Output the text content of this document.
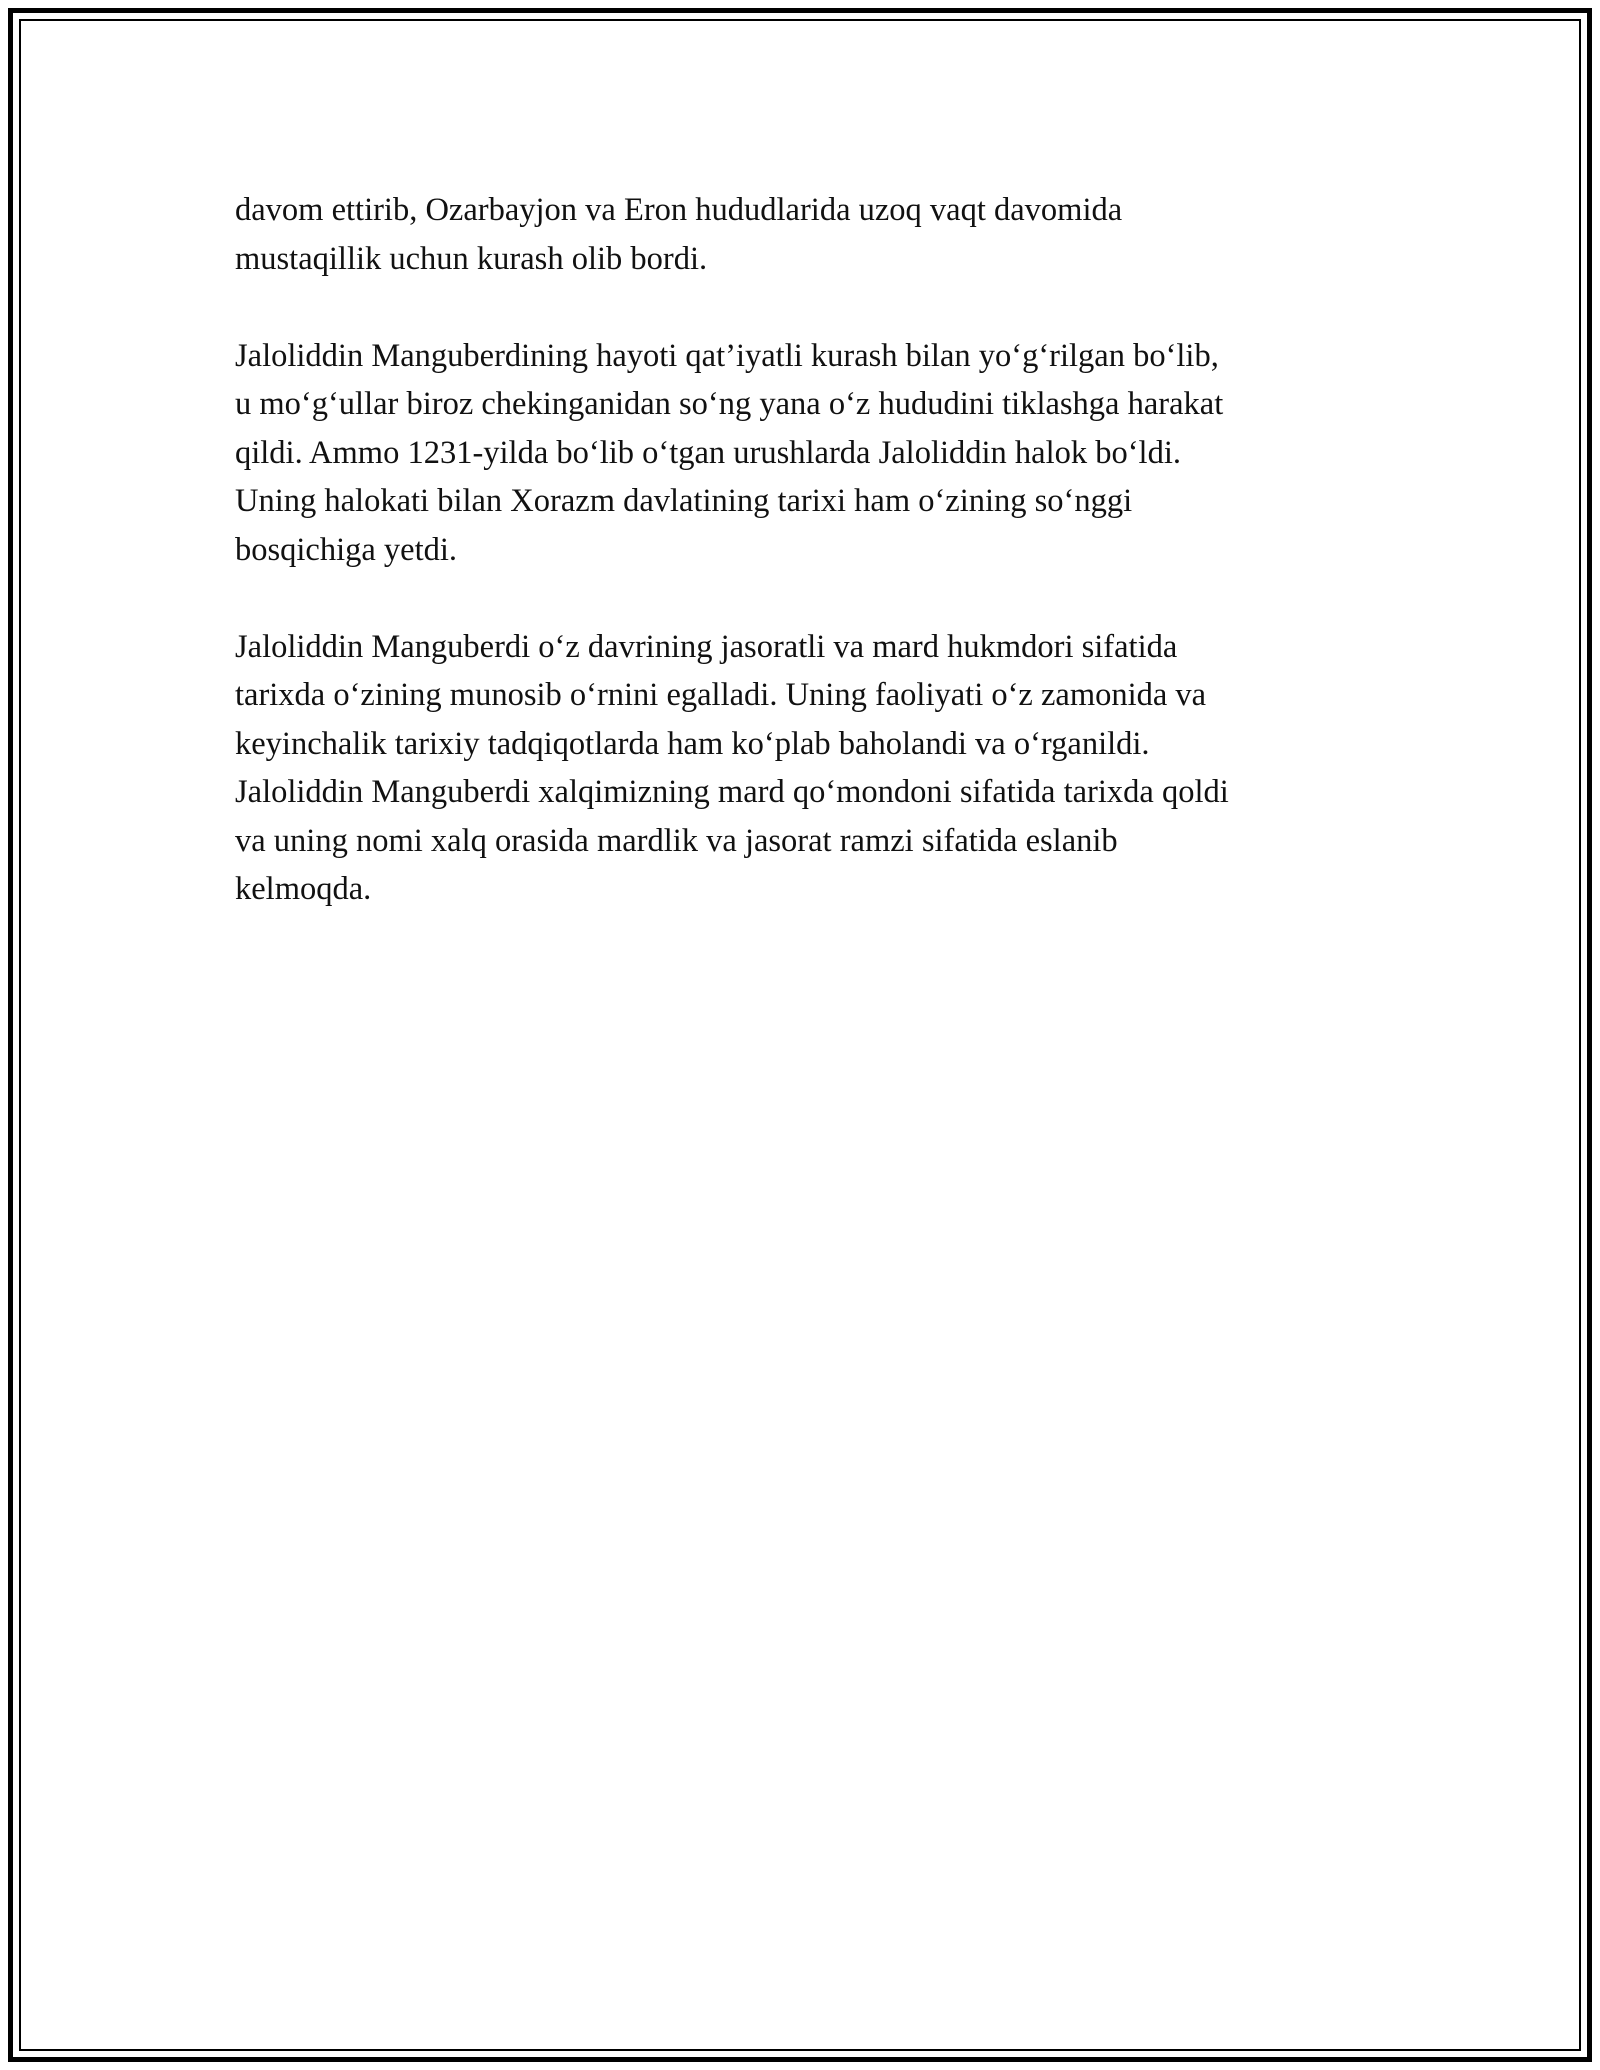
davom ettirib, Ozarbayjon va Eron hududlarida uzoq vaqt davomida
mustaqillik uchun kurash olib bordi.

Jaloliddin Manguberdining hayoti qat’iyatli kurash bilan yo‘g‘rilgan bo‘lib,
u mo‘g‘ullar biroz chekinganidan so‘ng yana o‘z hududini tiklashga harakat
qildi. Ammo 1231-yilda bo‘lib o‘tgan urushlarda Jaloliddin halok bo‘ldi.
Uning halokati bilan Xorazm davlatining tarixi ham o‘zining so‘nggi
bosqichiga yetdi.

Jaloliddin Manguberdi o‘z davrining jasoratli va mard hukmdori sifatida
tarixda o‘zining munosib o‘rnini egalladi. Uning faoliyati o‘z zamonida va
keyinchalik tarixiy tadqiqotlarda ham ko‘plab baholandi va o‘rganildi.
Jaloliddin Manguberdi xalqimizning mard qo‘mondoni sifatida tarixda qoldi
va uning nomi xalq orasida mardlik va jasorat ramzi sifatida eslanib
kelmoqda.
